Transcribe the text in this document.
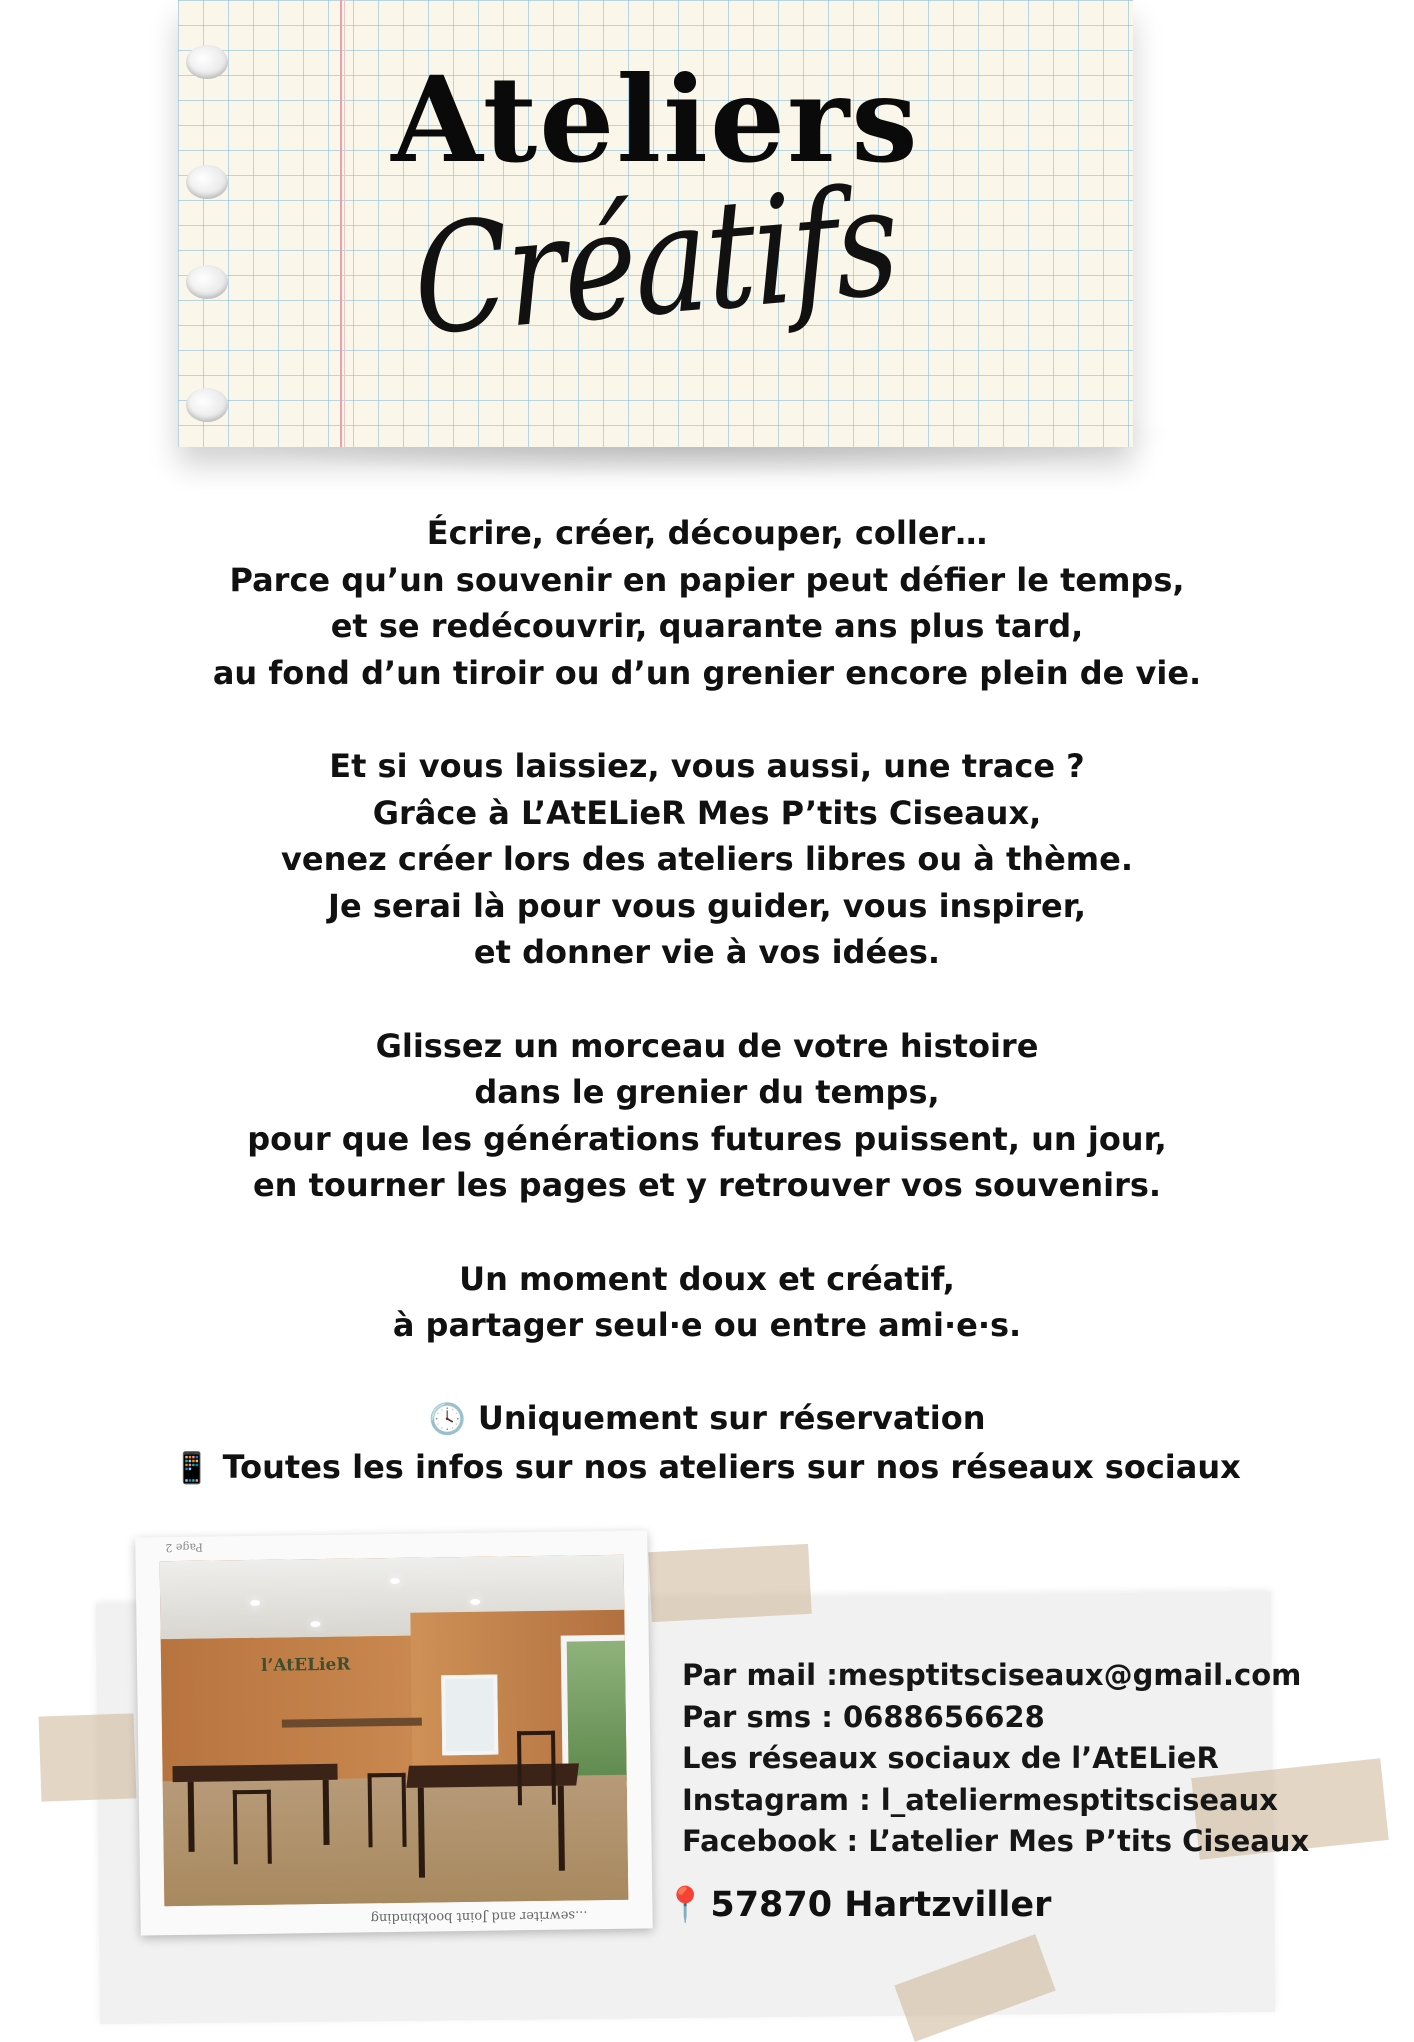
Ateliers
Créatifs

Écrire, créer, découper, coller…
Parce qu’un souvenir en papier peut défier le temps,
et se redécouvrir, quarante ans plus tard,
au fond d’un tiroir ou d’un grenier encore plein de vie.

Et si vous laissiez, vous aussi, une trace ?
Grâce à L’AtELieR Mes P’tits Ciseaux,
venez créer lors des ateliers libres ou à thème.
Je serai là pour vous guider, vous inspirer,
et donner vie à vos idées.

Glissez un morceau de votre histoire
dans le grenier du temps,
pour que les générations futures puissent, un jour,
en tourner les pages et y retrouver vos souvenirs.

Un moment doux et créatif,
à partager seul·e ou entre ami·e·s.

🕓 Uniquement sur réservation
📱 Toutes les infos sur nos ateliers sur nos réseaux sociaux

Page 2
l’AtELieR
...sewriter and Joint bookbinding
Par mail :mesptitsciseaux@gmail.com
Par sms : 0688656628
Les réseaux sociaux de l’AtELieR
Instagram : l_ateliermesptitsciseaux
Facebook : L’atelier Mes P’tits Ciseaux
📍 57870 Hartzviller
